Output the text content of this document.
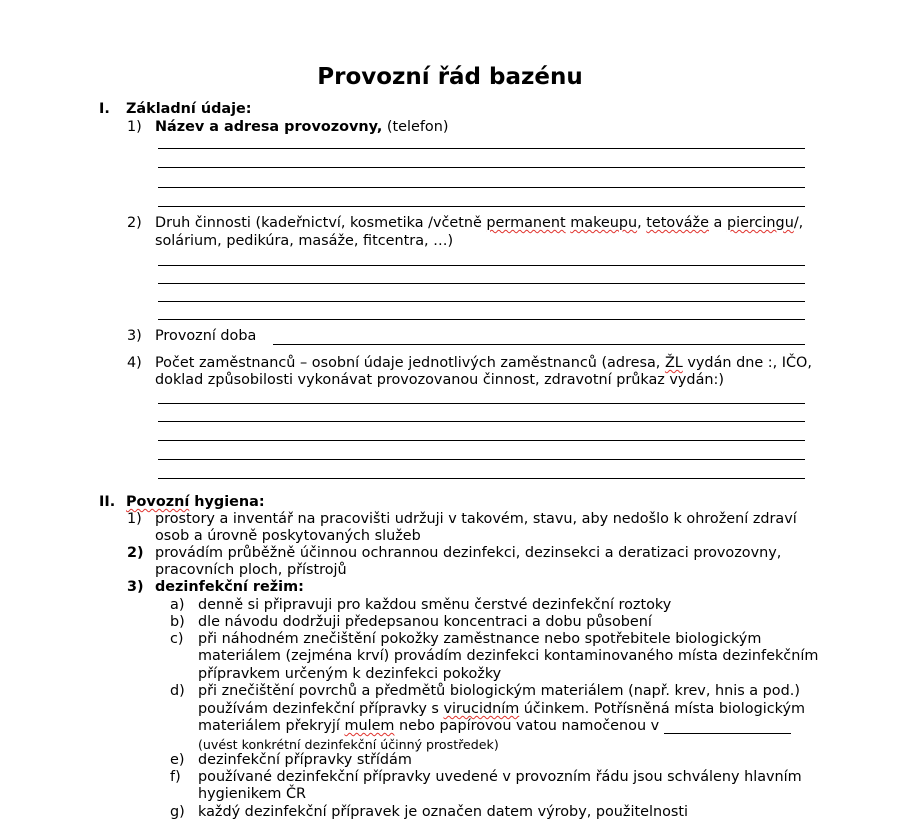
Provozní řád bazénu
I. Základní údaje:
1) Název a adresa provozovny, (telefon)
2) Druh činnosti (kadeřnictví, kosmetika /včetně permanent makeupu, tetováže a piercingu/,
solárium, pedikúra, masáže, fitcentra, …)
3) Provozní doba
4) Počet zaměstnanců – osobní údaje jednotlivých zaměstnanců (adresa, ŽL vydán dne :, IČO,
doklad způsobilosti vykonávat provozovanou činnost, zdravotní průkaz vydán:)
II. Povozní hygiena:
1) prostory a inventář na pracovišti udržuji v takovém, stavu, aby nedošlo k ohrožení zdraví
osob a úrovně poskytovaných služeb
2) provádím průběžně účinnou ochrannou dezinfekci, dezinsekci a deratizaci provozovny,
pracovních ploch, přístrojů
3) dezinfekční režim:
a) denně si připravuji pro každou směnu čerstvé dezinfekční roztoky
b) dle návodu dodržuji předepsanou koncentraci a dobu působení
c) při náhodném znečištění pokožky zaměstnance nebo spotřebitele biologickým
materiálem (zejména krví) provádím dezinfekci kontaminovaného místa dezinfekčním
přípravkem určeným k dezinfekci pokožky
d) při znečištění povrchů a předmětů biologickým materiálem (např. krev, hnis a pod.)
používám dezinfekční přípravky s virucidním účinkem. Potřísněná místa biologickým
materiálem překryjí mulem nebo papírovou vatou namočenou v
(uvést konkrétní dezinfekční účinný prostředek)
e) dezinfekční přípravky střídám
f) používané dezinfekční přípravky uvedené v provozním řádu jsou schváleny hlavním
hygienikem ČR
g) každý dezinfekční přípravek je označen datem výroby, použitelnosti
